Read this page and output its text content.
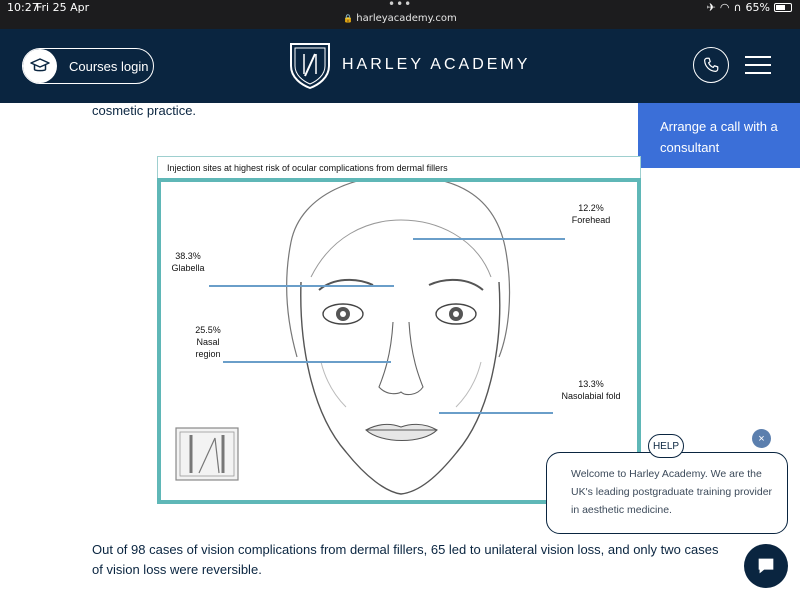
10:27
Fri 25 Apr	•••
🔒 harleyacademy.com
✈ ◠ ∩ 65%
Courses login	HARLEY ACADEMY
cosmetic practice.
Arrange a call with a consultant
Injection sites at highest risk of ocular complications from dermal fillers
12.2%
Forehead
38.3%
Glabella
25.5%
Nasal
region
13.3%
Nasolabial fold
Out of 98 cases of vision complications from dermal fillers, 65 led to unilateral vision loss, and only two cases of vision loss were reversible.
Welcome to Harley Academy. We are the UK's leading postgraduate training provider in aesthetic medicine.
HELP
×
